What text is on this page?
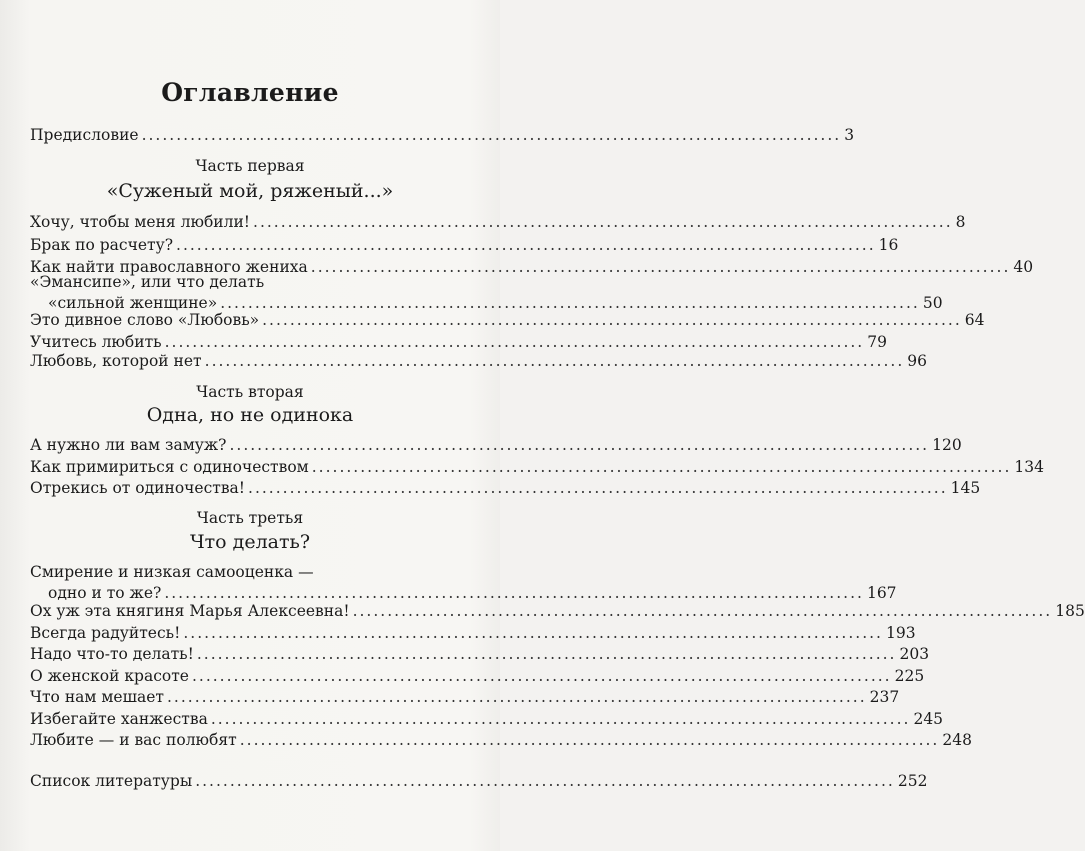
Оглавление
Предисловие ..................................................................................................... 3
Часть первая
«Суженый мой, ряженый...»
Хочу, чтобы меня любили! ..................................................................................................... 8
Брак по расчету? ..................................................................................................... 16
Как найти православного жениха ..................................................................................................... 40
«Эмансипе», или что делать
«сильной женщине» ..................................................................................................... 50
Это дивное слово «Любовь» ..................................................................................................... 64
Учитесь любить ..................................................................................................... 79
Любовь, которой нет ..................................................................................................... 96
Часть вторая
Одна, но не одинока
А нужно ли вам замуж? ..................................................................................................... 120
Как примириться с одиночеством ..................................................................................................... 134
Отрекись от одиночества! ..................................................................................................... 145
Часть третья
Что делать?
Смирение и низкая самооценка —
одно и то же? ..................................................................................................... 167
Ох уж эта княгиня Марья Алексеевна! ..................................................................................................... 185
Всегда радуйтесь! ..................................................................................................... 193
Надо что-то делать! ..................................................................................................... 203
О женской красоте ..................................................................................................... 225
Что нам мешает ..................................................................................................... 237
Избегайте ханжества ..................................................................................................... 245
Любите — и вас полюбят ..................................................................................................... 248
Список литературы ..................................................................................................... 252
